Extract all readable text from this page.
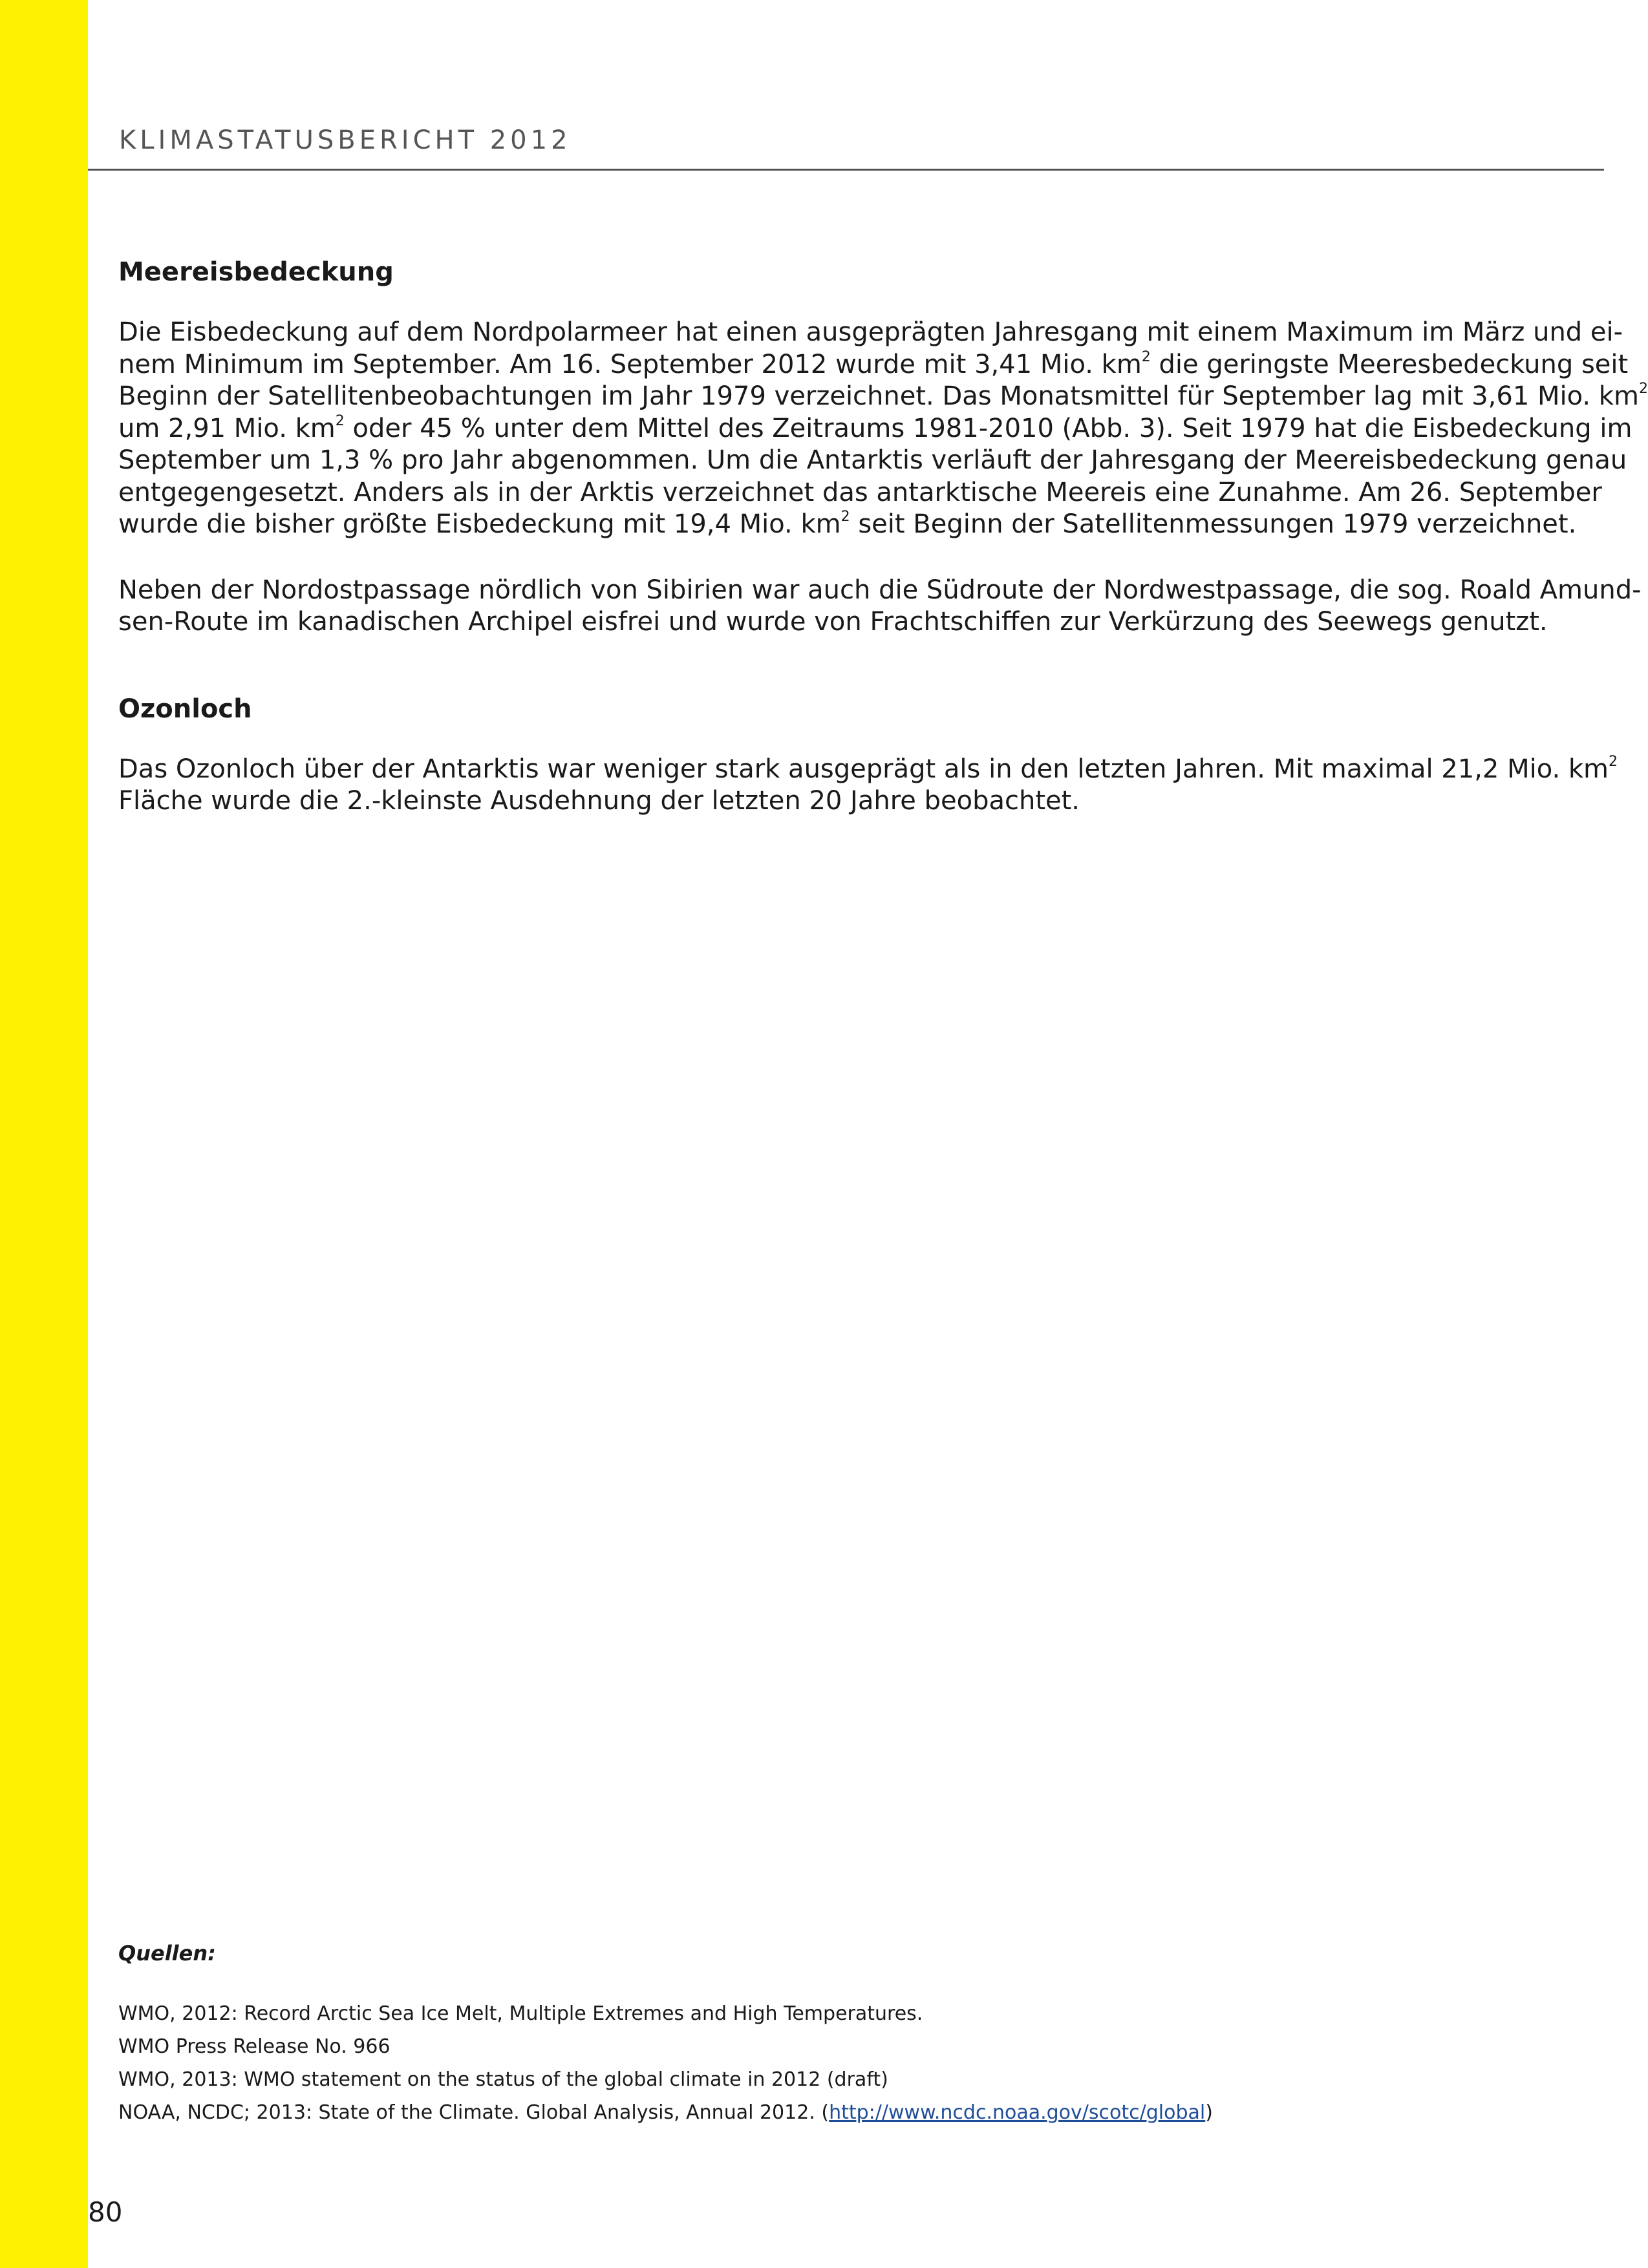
KLIMASTATUSBERICHT 2012
Meereisbedeckung

Die Eisbedeckung auf dem Nordpolarmeer hat einen ausgeprägten Jahresgang mit einem Maximum im März und ei-
nem Minimum im September. Am 16. September 2012 wurde mit 3,41 Mio. $km^2$ die geringste Meeresbedeckung seit
Beginn der Satellitenbeobachtungen im Jahr 1979 verzeichnet. Das Monatsmittel für September lag mit 3,61 Mio. $km^2$
um 2,91 Mio. $km^2$ oder 45 % unter dem Mittel des Zeitraums 1981-2010 (Abb. 3). Seit 1979 hat die Eisbedeckung im
September um 1,3 % pro Jahr abgenommen. Um die Antarktis verläuft der Jahresgang der Meereisbedeckung genau
entgegengesetzt. Anders als in der Arktis verzeichnet das antarktische Meereis eine Zunahme. Am 26. September
wurde die bisher größte Eisbedeckung mit 19,4 Mio. $km^2$ seit Beginn der Satellitenmessungen 1979 verzeichnet.

Neben der Nordostpassage nördlich von Sibirien war auch die Südroute der Nordwestpassage, die sog. Roald Amund-
sen-Route im kanadischen Archipel eisfrei und wurde von Frachtschiffen zur Verkürzung des Seewegs genutzt.

Ozonloch

Das Ozonloch über der Antarktis war weniger stark ausgeprägt als in den letzten Jahren. Mit maximal 21,2 Mio. $km^2$
Fläche wurde die 2.-kleinste Ausdehnung der letzten 20 Jahre beobachtet.

Quellen:

WMO, 2012: Record Arctic Sea Ice Melt, Multiple Extremes and High Temperatures.
WMO Press Release No. 966
WMO, 2013: WMO statement on the status of the global climate in 2012 (draft)
NOAA, NCDC; 2013: State of the Climate. Global Analysis, Annual 2012. (http://www.ncdc.noaa.gov/scotc/global)
80
